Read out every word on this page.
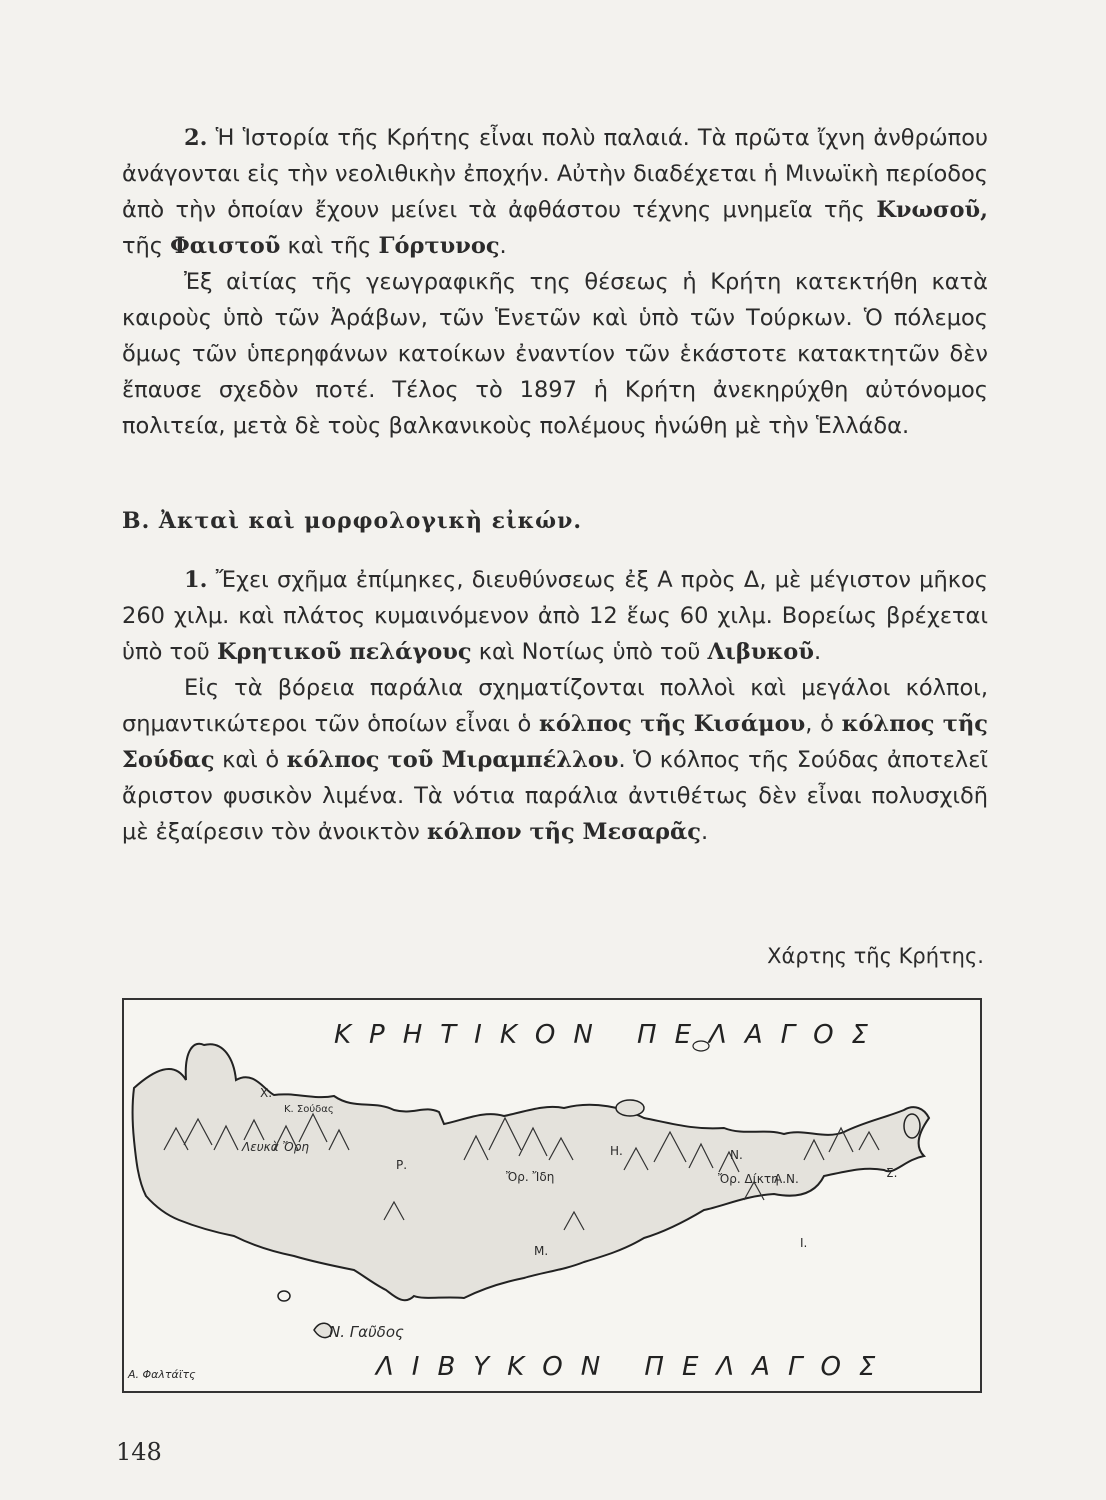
2. Ἡ Ἱστορία τῆς Κρήτης εἶναι πολὺ παλαιά. Τὰ πρῶτα ἴχνη ἀνθρώπου ἀνάγονται εἰς τὴν νεολιθικὴν ἐποχήν. Αὐτὴν διαδέχεται ἡ Μινωϊκὴ περίοδος ἀπὸ τὴν ὁποίαν ἔχουν μείνει τὰ ἀφθάστου τέχνης μνημεῖα τῆς Κνωσοῦ, τῆς Φαιστοῦ καὶ τῆς Γόρτυνος.

Ἐξ αἰτίας τῆς γεωγραφικῆς της θέσεως ἡ Κρήτη κατεκτήθη κατὰ καιροὺς ὑπὸ τῶν Ἀράβων, τῶν Ἑνετῶν καὶ ὑπὸ τῶν Τούρκων. Ὁ πόλεμος ὅμως τῶν ὑπερηφάνων κατοίκων ἐναντίον τῶν ἑκάστοτε κατακτητῶν δὲν ἔπαυσε σχεδὸν ποτέ. Τέλος τὸ 1897 ἡ Κρήτη ἀνεκηρύχθη αὐτόνομος πολιτεία, μετὰ δὲ τοὺς βαλκανικοὺς πολέμους ἡνώθη μὲ τὴν Ἑλλάδα.

Β. Ἀκταὶ καὶ μορφολογικὴ εἰκών.

1. Ἔχει σχῆμα ἐπίμηκες, διευθύνσεως ἐξ Α πρὸς Δ, μὲ μέγιστον μῆκος 260 χιλμ. καὶ πλάτος κυμαινόμενον ἀπὸ 12 ἕως 60 χιλμ. Βορείως βρέχεται ὑπὸ τοῦ Κρητικοῦ πελάγους καὶ Νοτίως ὑπὸ τοῦ Λιβυκοῦ.

Εἰς τὰ βόρεια παράλια σχηματίζονται πολλοὶ καὶ μεγάλοι κόλποι, σημαντικώτεροι τῶν ὁποίων εἶναι ὁ κόλπος τῆς Κισάμου, ὁ κόλπος τῆς Σούδας καὶ ὁ κόλπος τοῦ Μιραμπέλλου. Ὁ κόλπος τῆς Σούδας ἀποτελεῖ ἄριστον φυσικὸν λιμένα. Τὰ νότια παράλια ἀντιθέτως δὲν εἶναι πολυσχιδῆ μὲ ἐξαίρεσιν τὸν ἀνοικτὸν κόλπον τῆς Μεσαρᾶς.

Χάρτης τῆς Κρήτης.
ΚΡΗΤΙΚΟΝ ΠΕΛΑΓΟΣ
ΛΙΒΥΚΟΝ ΠΕΛΑΓΟΣ
Ν. Γαῦδος
Α. Φαλτάϊτς
Χ.
Κ. Σούδας
Λευκὰ Ὄρη
Ρ.
Ὄρ. Ἴδη
Η.	Ν.
Ὄρ. Δίκτη
Α.Ν.	Σ.
Μ.
Ι.
148
